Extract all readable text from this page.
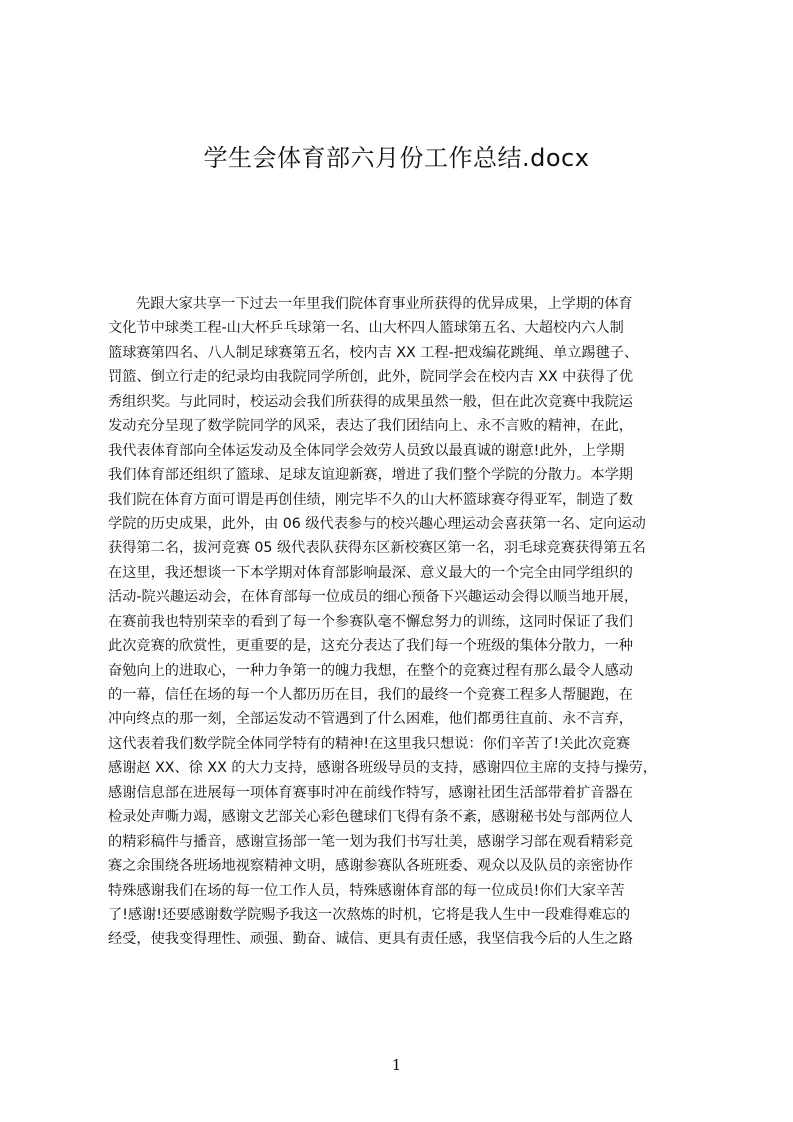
学生会体育部六月份工作总结.docx
先跟大家共享一下过去一年里我们院体育事业所获得的优异成果，上学期的体育
文化节中球类工程-山大杯乒乓球第一名、山大杯四人篮球第五名、大超校内六人制
篮球赛第四名、八人制足球赛第五名，校内吉 XX 工程-把戏编花跳绳、单立踢毽子、
罚篮、倒立行走的纪录均由我院同学所创，此外，院同学会在校内吉 XX 中获得了优
秀组织奖。与此同时，校运动会我们所获得的成果虽然一般，但在此次竞赛中我院运
发动充分呈现了数学院同学的风采，表达了我们团结向上、永不言败的精神，在此，
我代表体育部向全体运发动及全体同学会效劳人员致以最真诚的谢意!此外，上学期
我们体育部还组织了篮球、足球友谊迎新赛，增进了我们整个学院的分散力。本学期
我们院在体育方面可谓是再创佳绩，刚完毕不久的山大杯篮球赛夺得亚军，制造了数
学院的历史成果，此外，由 06 级代表参与的校兴趣心理运动会喜获第一名、定向运动
获得第二名，拔河竞赛 05 级代表队获得东区新校赛区第一名，羽毛球竞赛获得第五名
在这里，我还想谈一下本学期对体育部影响最深、意义最大的一个完全由同学组织的
活动-院兴趣运动会，在体育部每一位成员的细心预备下兴趣运动会得以顺当地开展，
在赛前我也特别荣幸的看到了每一个参赛队毫不懈怠努力的训练，这同时保证了我们
此次竞赛的欣赏性，更重要的是，这充分表达了我们每一个班级的集体分散力，一种
奋勉向上的进取心，一种力争第一的魄力我想，在整个的竞赛过程有那么最令人感动
的一幕，信任在场的每一个人都历历在目，我们的最终一个竞赛工程多人帮腿跑，在
冲向终点的那一刻，全部运发动不管遇到了什么困难，他们都勇往直前、永不言弃，
这代表着我们数学院全体同学特有的精神!在这里我只想说：你们辛苦了!关此次竞赛
感谢赵 XX、徐 XX 的大力支持，感谢各班级导员的支持，感谢四位主席的支持与操劳，
感谢信息部在进展每一项体育赛事时冲在前线作特写，感谢社团生活部带着扩音器在
检录处声嘶力竭，感谢文艺部关心彩色毽球们飞得有条不紊，感谢秘书处与部两位人
的精彩稿件与播音，感谢宣扬部一笔一划为我们书写壮美，感谢学习部在观看精彩竞
赛之余围绕各班场地视察精神文明，感谢参赛队各班班委、观众以及队员的亲密协作
特殊感谢我们在场的每一位工作人员，特殊感谢体育部的每一位成员!你们大家辛苦
了!感谢!还要感谢数学院赐予我这一次熬炼的时机，它将是我人生中一段难得难忘的
经受，使我变得理性、顽强、勤奋、诚信、更具有责任感，我坚信我今后的人生之路
1
